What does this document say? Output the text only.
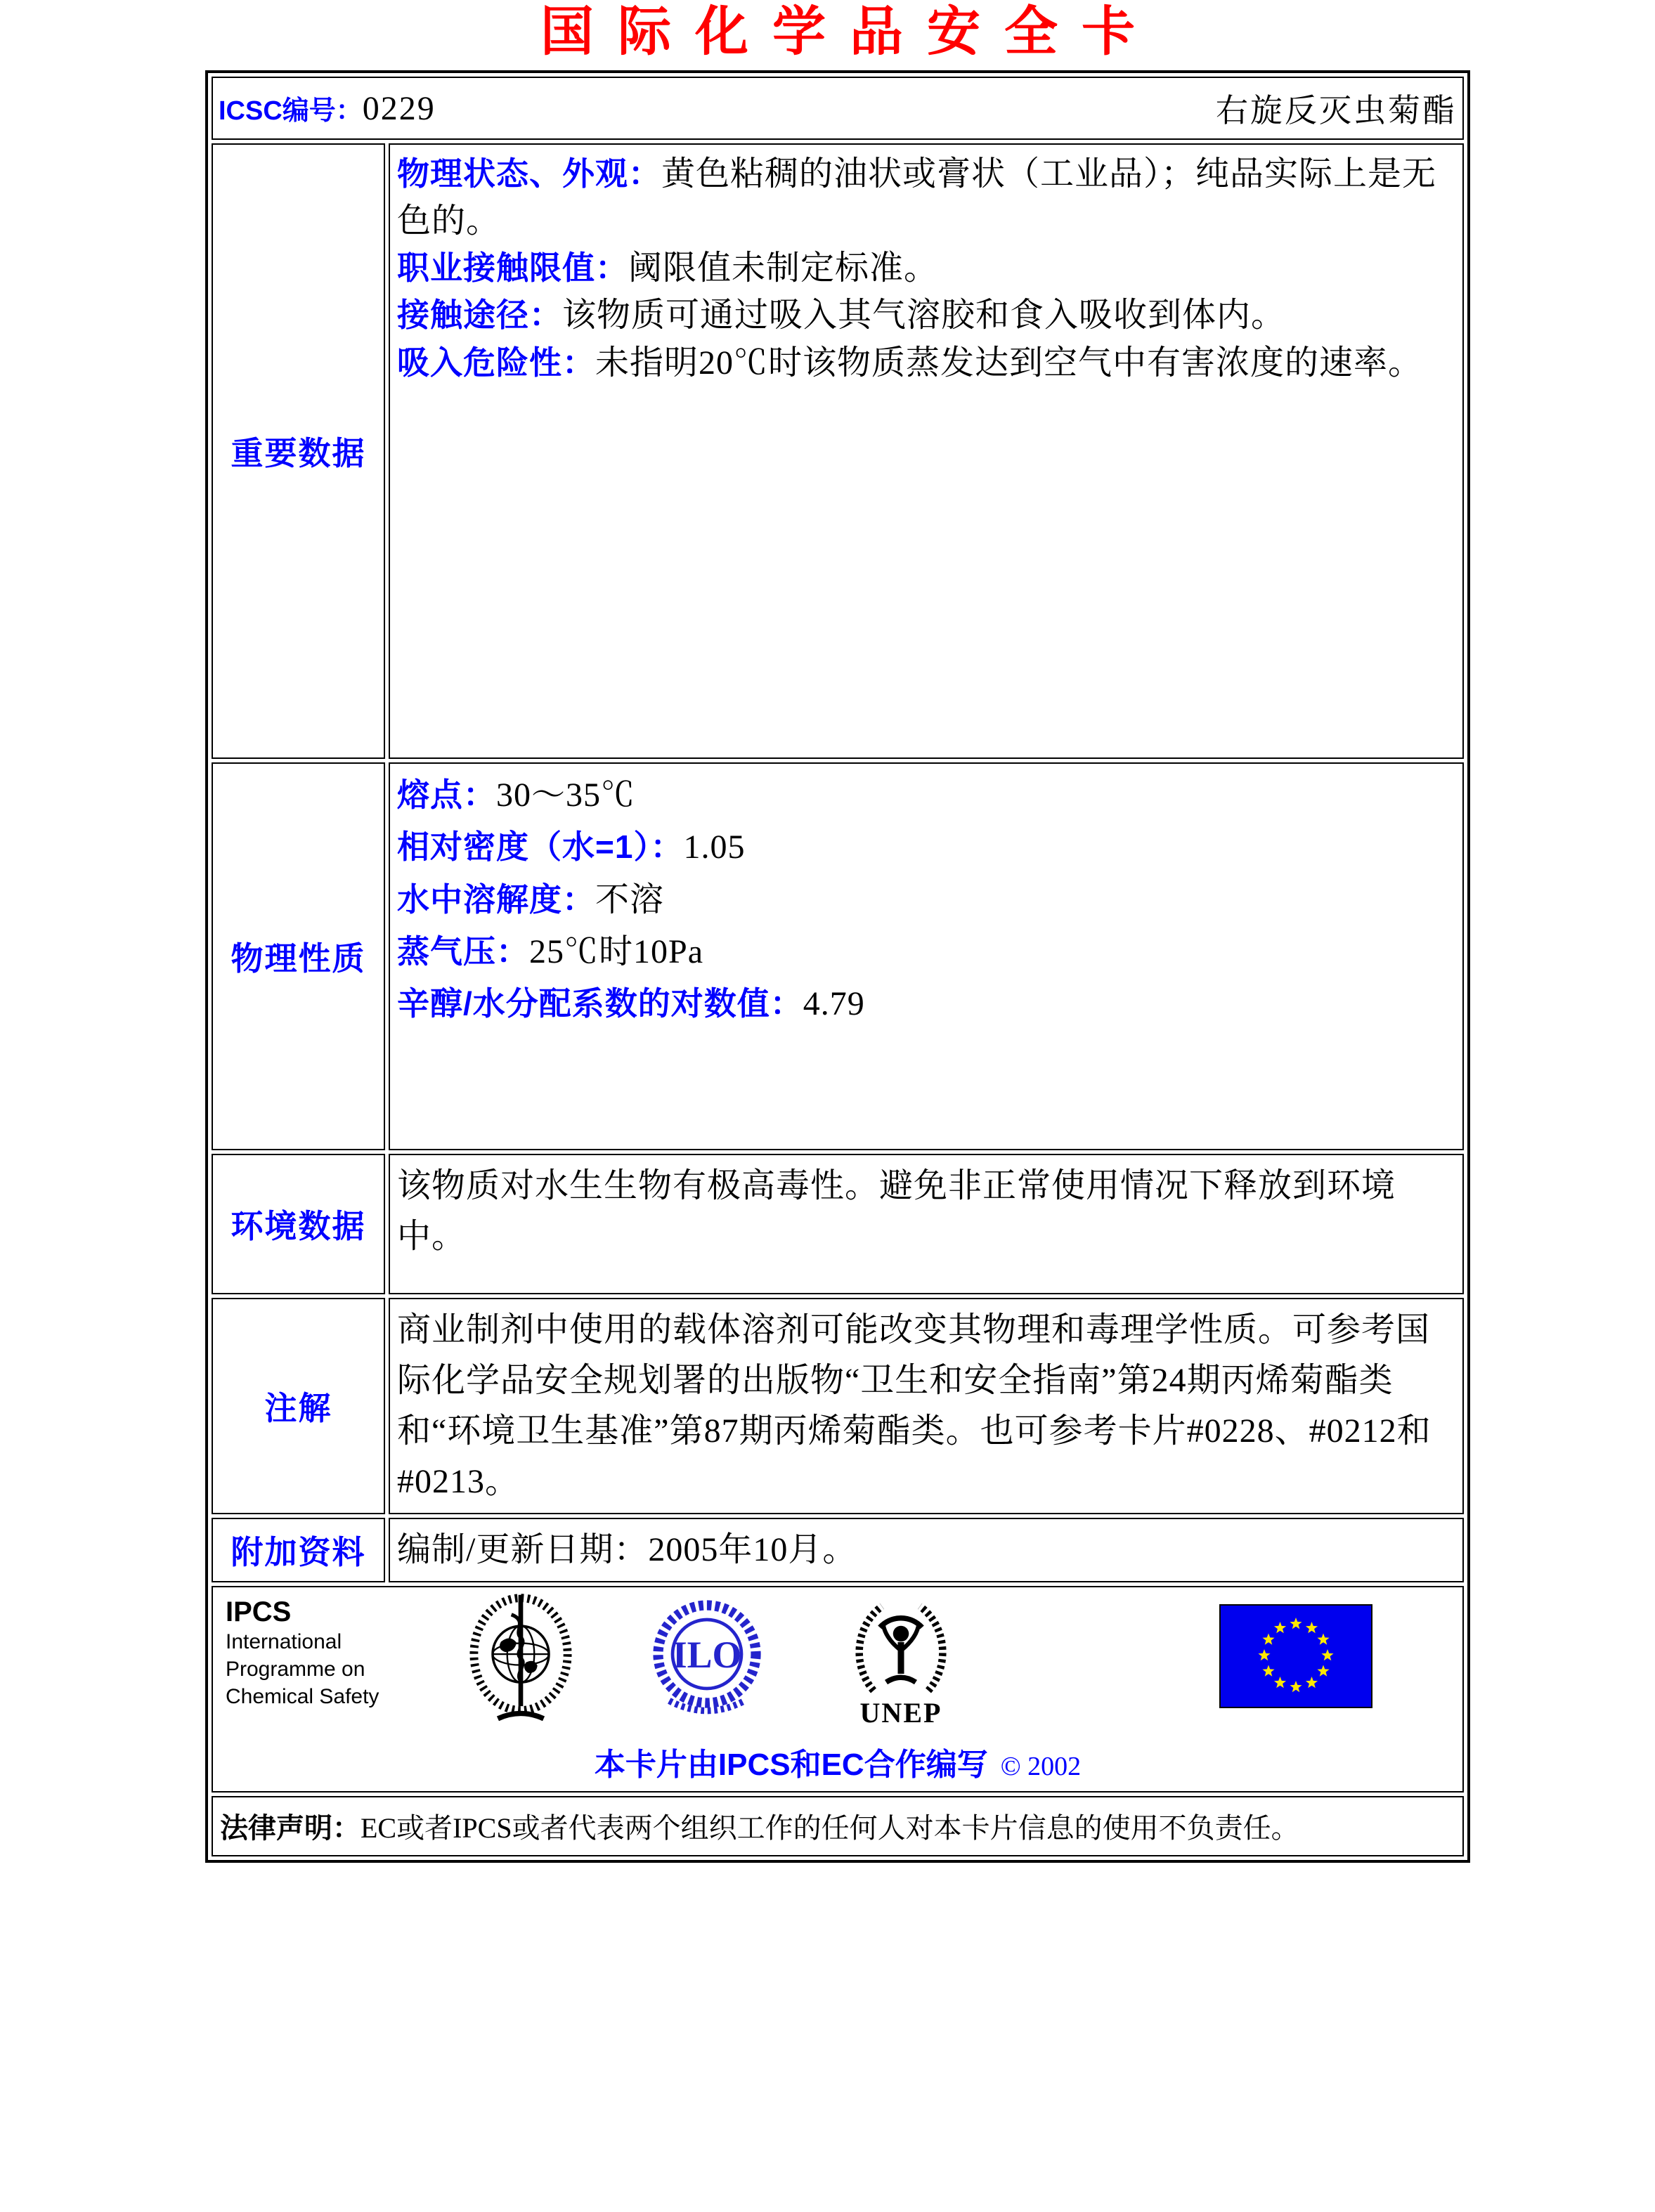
国际化学品安全卡
ICSC编号： 0229 右旋反灭虫菊酯	

重要数据	物理状态、外观：黄色粘稠的油状或膏状（工业品）；纯品实际上是无色的。

职业接触限值：阈限值未制定标准。

接触途径：该物质可通过吸入其气溶胶和食入吸收到体内。

吸入危险性：未指明20℃时该物质蒸发达到空气中有害浓度的速率。

物理性质	熔点：30～35℃

相对密度（水=1）：1.05

水中溶解度：不溶

蒸气压：25℃时10Pa

辛醇/水分配系数的对数值：4.79

环境数据	该物质对水生生物有极高毒性。避免非正常使用情况下释放到环境中。

注解	商业制剂中使用的载体溶剂可能改变其物理和毒理学性质。可参考国际化学品安全规划署的出版物“卫生和安全指南”第24期丙烯菊酯类和“环境卫生基准”第87期丙烯菊酯类。也可参考卡片#0228、#0212和#0213。

附加资料	编制/更新日期：2005年10月。

IPCS
International
Programme on
Chemical Safety
ILO
UNEP
本卡片由IPCS和EC合作编写 © 2002

法律声明：EC或者IPCS或者代表两个组织工作的任何人对本卡片信息的使用不负责任。	
